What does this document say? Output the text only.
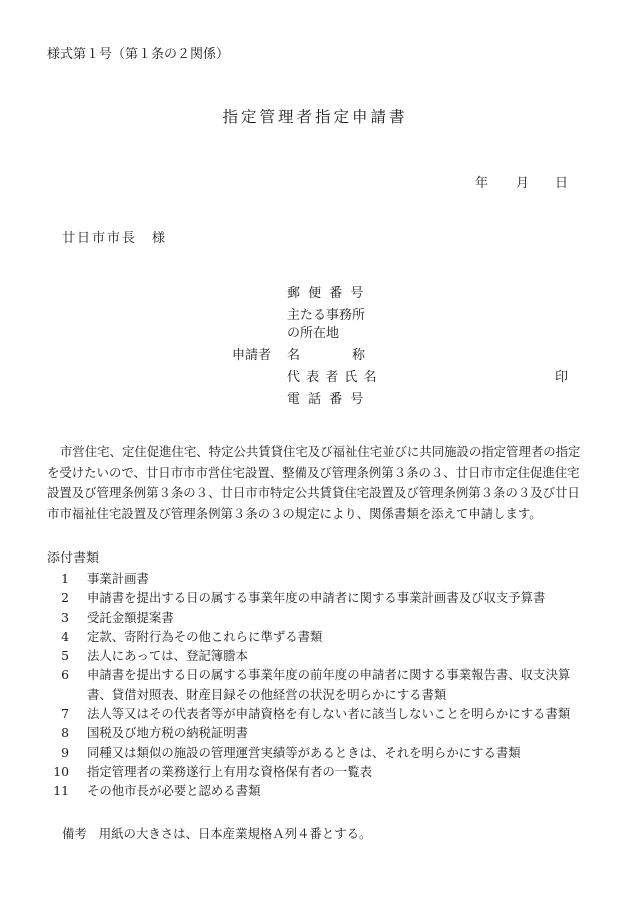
様式第１号（第１条の２関係）
指定管理者指定申請書
年 月 日
廿日市市長　様
郵 便 番 号
主たる事務所
の所在地
申請者 名　　　　称
代 表 者 氏 名	印
電 話 番 号
市営住宅、定住促進住宅、特定公共賃貸住宅及び福祉住宅並びに共同施設の指定管理者の指定を受けたいので、廿日市市市営住宅設置、整備及び管理条例第３条の３、廿日市市定住促進住宅設置及び管理条例第３条の３、廿日市市特定公共賃貸住宅設置及び管理条例第３条の３及び廿日市市福祉住宅設置及び管理条例第３条の３の規定により、関係書類を添えて申請します。
添付書類
1 事業計画書
2 申請書を提出する日の属する事業年度の申請者に関する事業計画書及び収支予算書
3 受託金額提案書
4 定款、寄附行為その他これらに準ずる書類
5 法人にあっては、登記簿謄本
6 申請書を提出する日の属する事業年度の前年度の申請者に関する事業報告書、収支決算書、貸借対照表、財産目録その他経営の状況を明らかにする書類
7 法人等又はその代表者等が申請資格を有しない者に該当しないことを明らかにする書類
8 国税及び地方税の納税証明書
9 同種又は類似の施設の管理運営実績等があるときは、それを明らかにする書類
10 指定管理者の業務遂行上有用な資格保有者の一覧表
11 その他市長が必要と認める書類
備考 用紙の大きさは、日本産業規格Ａ列４番とする。
